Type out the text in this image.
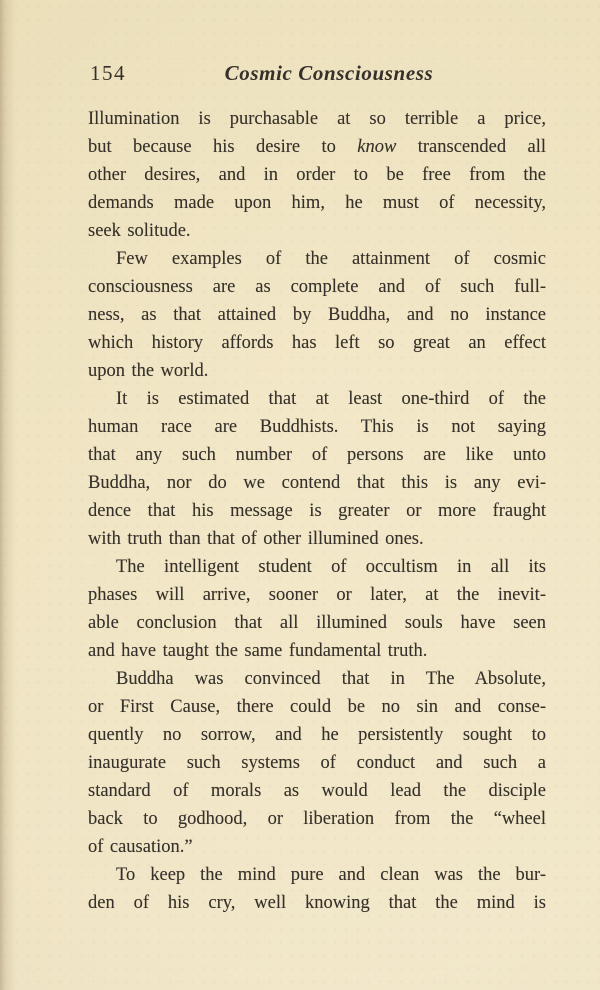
154	Cosmic Consciousness
Illumination is purchasable at so terrible a price,
but because his desire to know transcended all
other desires, and in order to be free from the
demands made upon him, he must of necessity,
seek solitude.
Few examples of the attainment of cosmic
consciousness are as complete and of such full-
ness, as that attained by Buddha, and no instance
which history affords has left so great an effect
upon the world.
It is estimated that at least one-third of the
human race are Buddhists. This is not saying
that any such number of persons are like unto
Buddha, nor do we contend that this is any evi-
dence that his message is greater or more fraught
with truth than that of other illumined ones.
The intelligent student of occultism in all its
phases will arrive, sooner or later, at the inevit-
able conclusion that all illumined souls have seen
and have taught the same fundamental truth.
Buddha was convinced that in The Absolute,
or First Cause, there could be no sin and conse-
quently no sorrow, and he persistently sought to
inaugurate such systems of conduct and such a
standard of morals as would lead the disciple
back to godhood, or liberation from the “wheel
of causation.”
To keep the mind pure and clean was the bur-
den of his cry, well knowing that the mind is
